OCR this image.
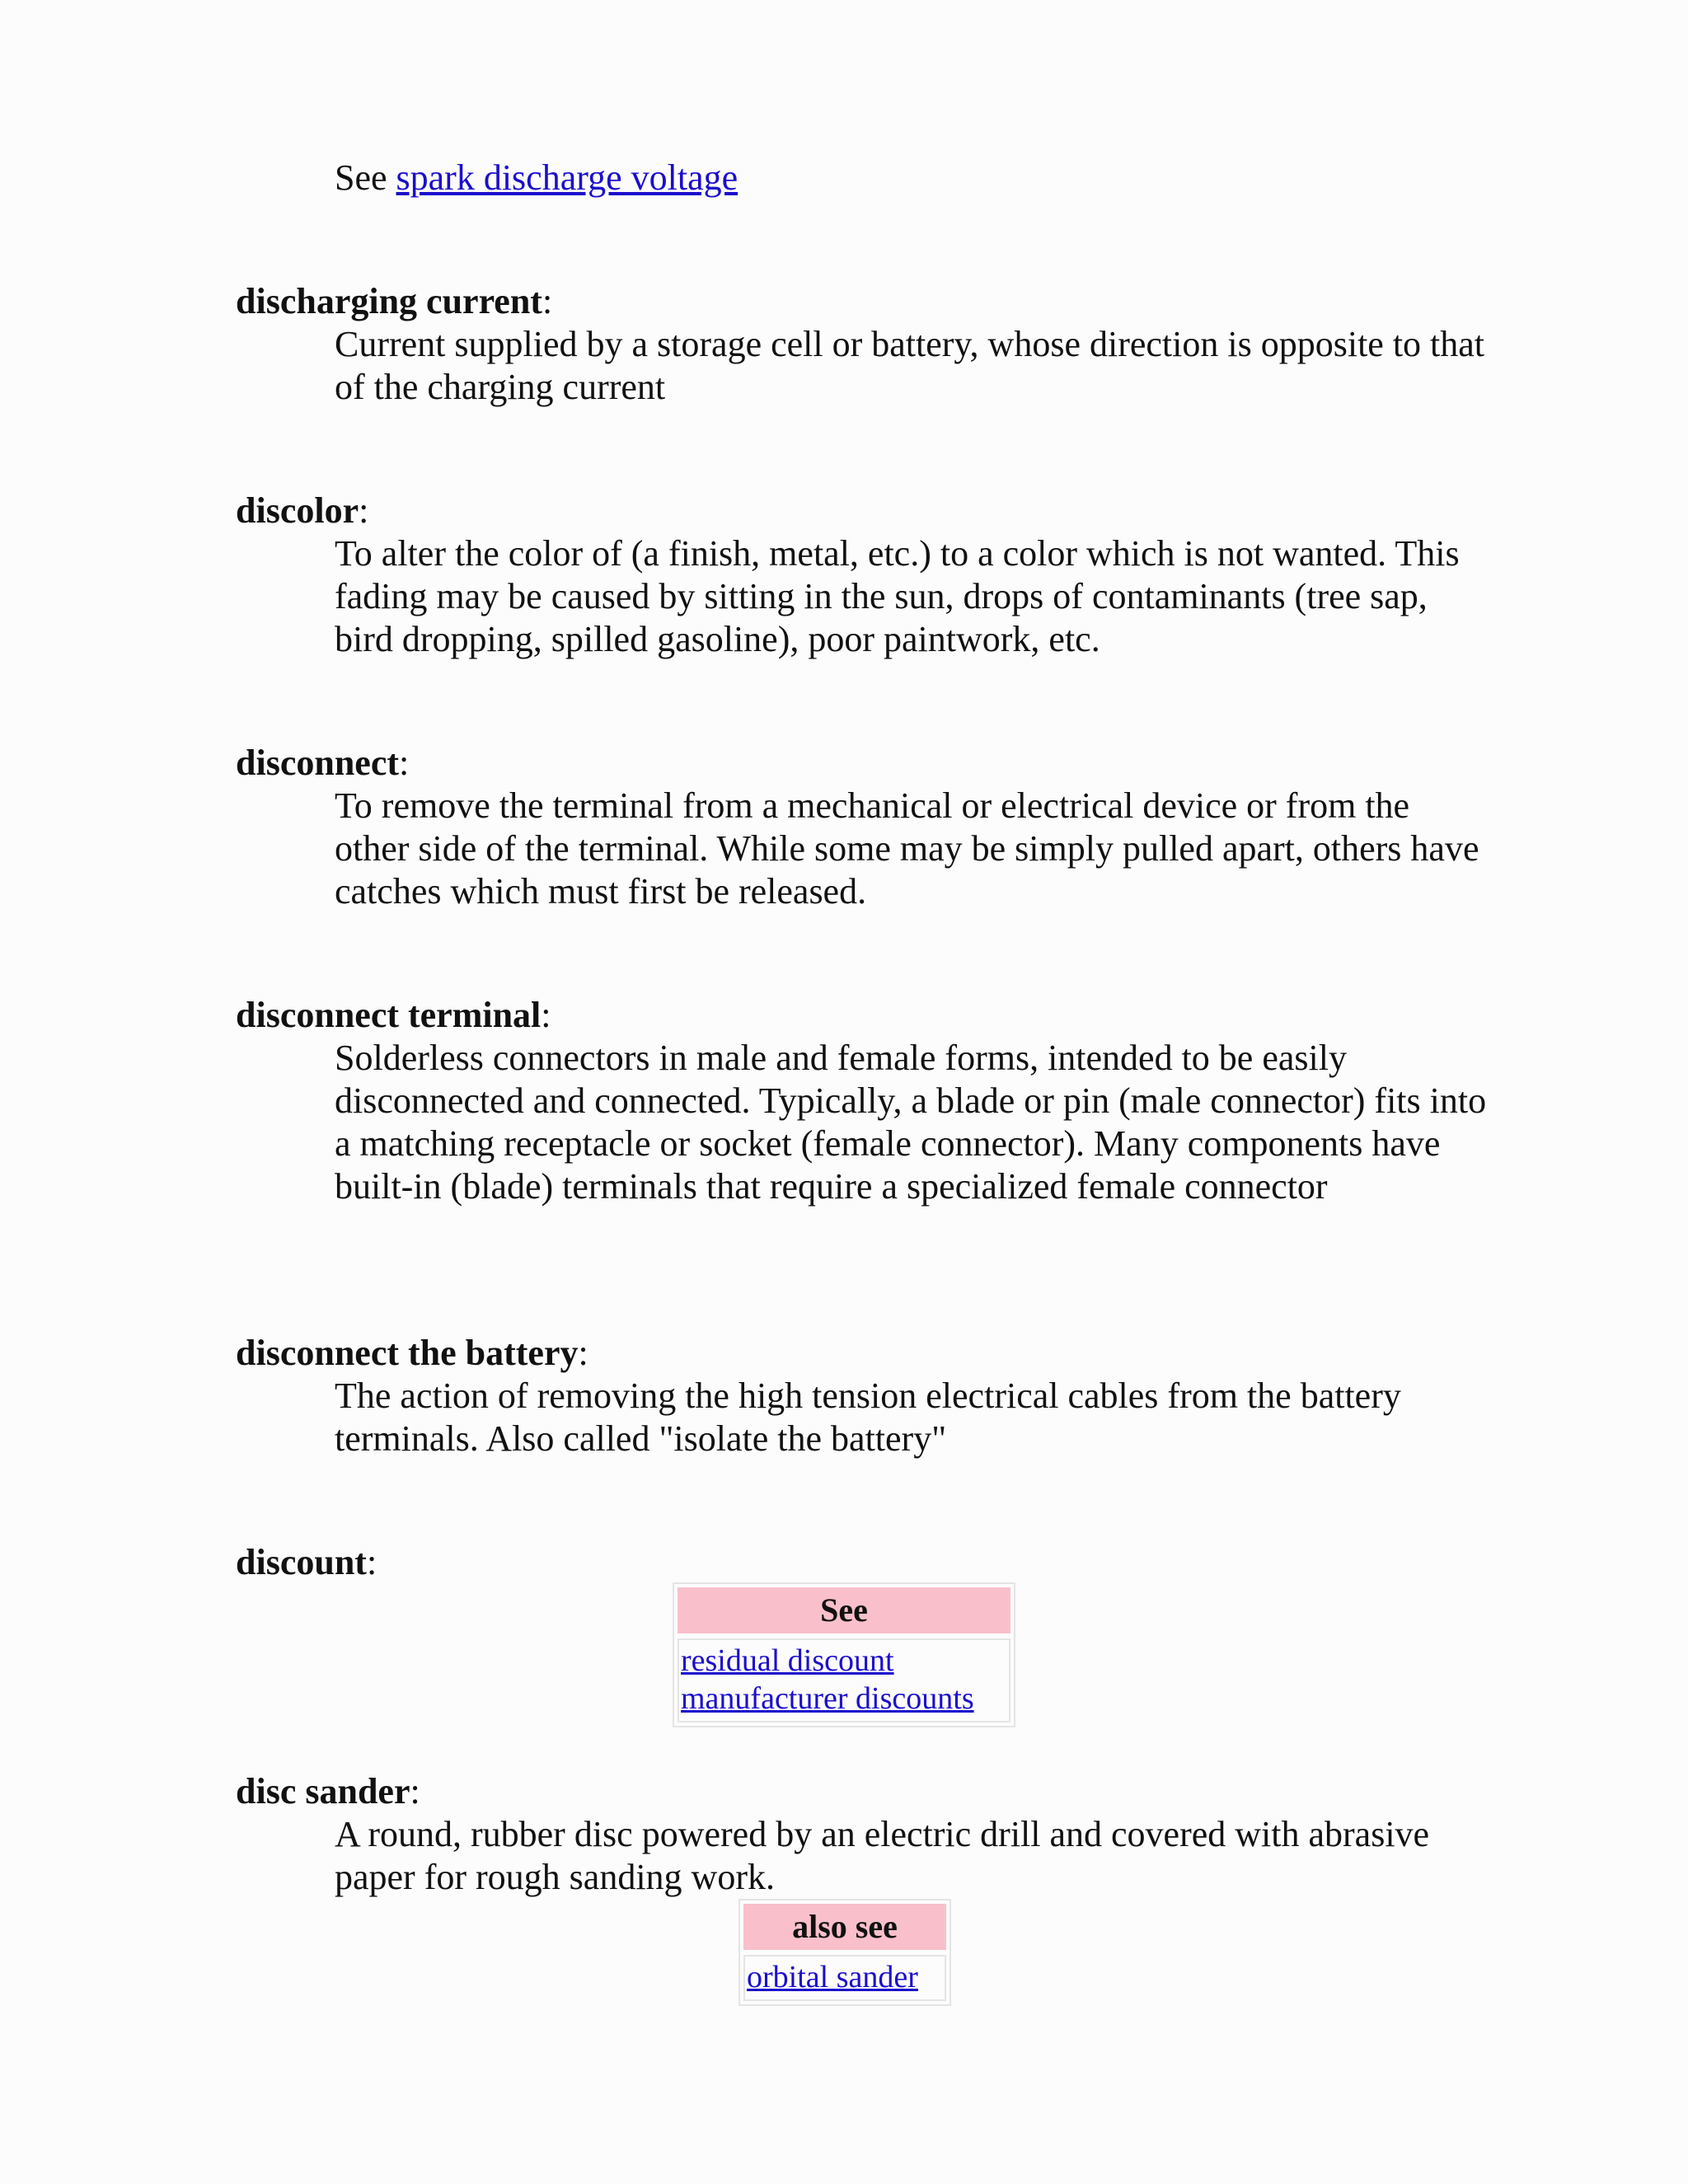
See spark discharge voltage

discharging current:

Current supplied by a storage cell or battery, whose direction is opposite to that of the charging current

discolor:

To alter the color of (a finish, metal, etc.) to a color which is not wanted. This fading may be caused by sitting in the sun, drops of contaminants (tree sap, bird dropping, spilled gasoline), poor paintwork, etc.

disconnect:

To remove the terminal from a mechanical or electrical device or from the other side of the terminal. While some may be simply pulled apart, others have catches which must first be released.

disconnect terminal:

Solderless connectors in male and female forms, intended to be easily disconnected and connected. Typically, a blade or pin (male connector) fits into a matching receptacle or socket (female connector). Many components have built-in (blade) terminals that require a specialized female connector

disconnect the battery:

The action of removing the high tension electrical cables from the battery terminals. Also called "isolate the battery"

discount:

See
residual discount
manufacturer discounts

disc sander:

A round, rubber disc powered by an electric drill and covered with abrasive paper for rough sanding work.

also see
orbital sander
